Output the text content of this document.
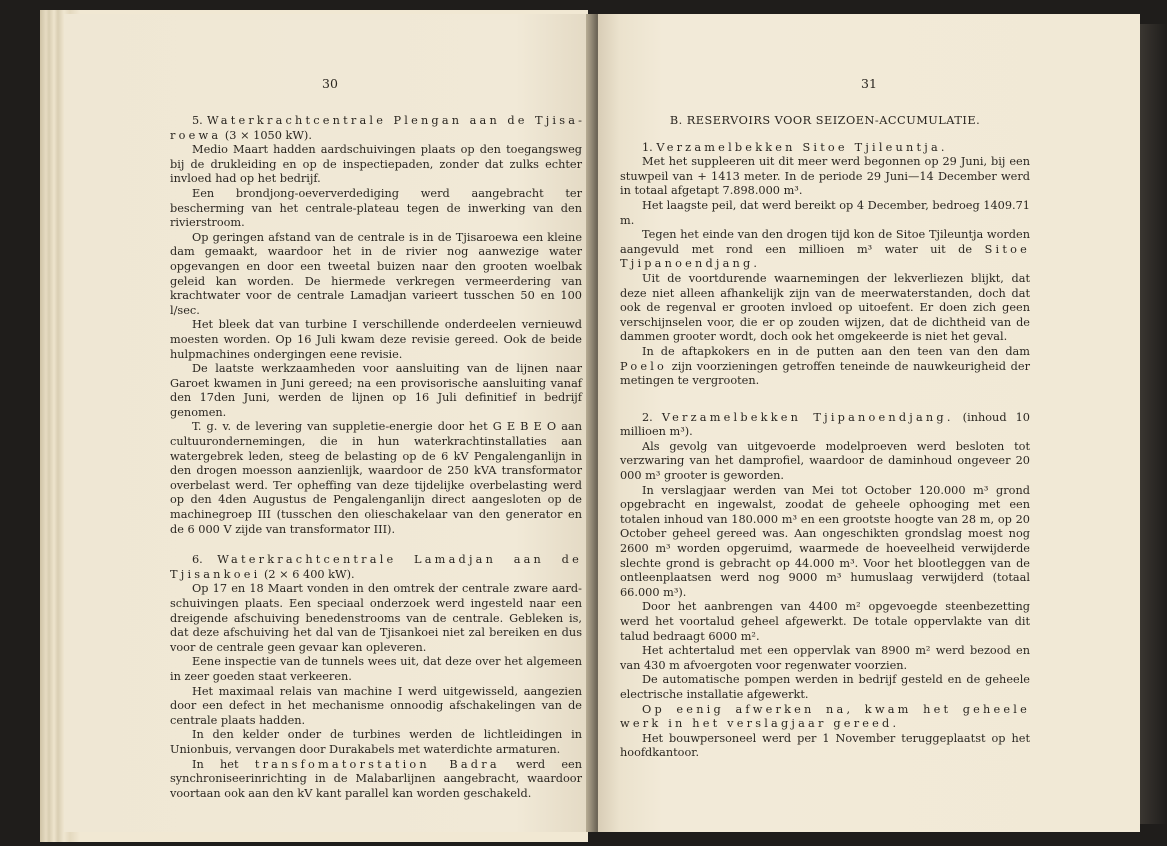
30

5. Waterkrachtcentrale Plengan aan de Tjisaroewa (3 × 1050 kW).

Medio Maart hadden aardschuivingen plaats op den toegangsweg bij de drukleiding en op de inspectiepaden, zonder dat zulks echter invloed had op het bedrijf.

Een brondjong-oeververdediging werd aangebracht ter bescherming van het centrale-plateau tegen de inwerking van den rivierstroom.

Op geringen afstand van de centrale is in de Tjisaroewa een kleine dam gemaakt, waardoor het in de rivier nog aanwezige water opgevangen en door een tweetal buizen naar den grooten woelbak geleid kan worden. De hiermede verkregen vermeerdering van krachtwater voor de centrale Lamadjan varieert tusschen 50 en 100 l/sec.

Het bleek dat van turbine I verschillende onderdeelen vernieuwd moesten worden. Op 16 Juli kwam deze revisie gereed. Ook de beide hulpmachines ondergingen eene revisie.

De laatste werkzaamheden voor aansluiting van de lijnen naar Garoet kwamen in Juni gereed; na een provisorische aansluiting vanaf den 17den Juni, werden de lijnen op 16 Juli definitief in bedrijf genomen.

T. g. v. de levering van suppletie-energie door het G E B E O aan cultuurondernemingen, die in hun waterkrachtinstallaties aan watergebrek leden, steeg de belasting op de 6 kV Pengalenganlijn in den drogen moesson aanzienlijk, waardoor de 250 kVA transformator overbelast werd. Ter opheffing van deze tijdelijke overbelasting werd op den 4den Augustus de Pengalenganlijn direct aangesloten op de machinegroep III (tusschen den olieschakelaar van den generator en de 6 000 V zijde van transformator III).

6. Waterkrachtcentrale Lamadjan aan de Tjisankoei (2 × 6 400 kW).

Op 17 en 18 Maart vonden in den omtrek der centrale zware aardschuivingen plaats. Een speciaal onderzoek werd ingesteld naar een dreigende afschuiving benedenstrooms van de centrale. Gebleken is, dat deze afschuiving het dal van de Tjisankoei niet zal bereiken en dus voor de centrale geen gevaar kan opleveren.

Eene inspectie van de tunnels wees uit, dat deze over het algemeen in zeer goeden staat verkeeren.

Het maximaal relais van machine I werd uitgewisseld, aangezien door een defect in het mechanisme onnoodig afschakelingen van de centrale plaats hadden.

In den kelder onder de turbines werden de lichtleidingen in Unionbuis, vervangen door Durakabels met waterdichte armaturen.

In het transfomatorstation Badra werd een synchroniseerinrichting in de Malabarlijnen aangebracht, waardoor voortaan ook aan den kV kant parallel kan worden geschakeld.

31

B. RESERVOIRS VOOR SEIZOEN-ACCUMULATIE.

1. Verzamelbekken Sitoe Tjileuntja.

Met het suppleeren uit dit meer werd begonnen op 29 Juni, bij een stuwpeil van + 1413 meter. In de periode 29 Juni—14 December werd in totaal afgetapt 7.898.000 m³.

Het laagste peil, dat werd bereikt op 4 December, bedroeg 1409.71 m.

Tegen het einde van den drogen tijd kon de Sitoe Tjileuntja worden aangevuld met rond een millioen m³ water uit de Sitoe Tjipanoendjang.

Uit de voortdurende waarnemingen der lekverliezen blijkt, dat deze niet alleen afhankelijk zijn van de meerwaterstanden, doch dat ook de regenval er grooten invloed op uitoefent. Er doen zich geen verschijnselen voor, die er op zouden wijzen, dat de dichtheid van de dammen grooter wordt, doch ook het omgekeerde is niet het geval.

In de aftapkokers en in de putten aan den teen van den dam Poelo zijn voorzieningen getroffen teneinde de nauwkeurigheid der metingen te vergrooten.

2. Verzamelbekken Tjipanoendjang. (inhoud 10 millioen m³).

Als gevolg van uitgevoerde modelproeven werd besloten tot verzwaring van het damprofiel, waardoor de daminhoud ongeveer 20 000 m³ grooter is geworden.

In verslagjaar werden van Mei tot October 120.000 m³ grond opgebracht en ingewalst, zoodat de geheele ophooging met een totalen inhoud van 180.000 m³ en een grootste hoogte van 28 m, op 20 October geheel gereed was. Aan ongeschikten grondslag moest nog 2600 m³ worden opgeruimd, waarmede de hoeveelheid verwijderde slechte grond is gebracht op 44.000 m³. Voor het blootleggen van de ontleenplaatsen werd nog 9000 m³ humuslaag verwijderd (totaal 66.000 m³).

Door het aanbrengen van 4400 m² opgevoegde steenbezetting werd het voortalud geheel afgewerkt. De totale oppervlakte van dit talud bedraagt 6000 m².

Het achtertalud met een oppervlak van 8900 m² werd bezood en van 430 m afvoergoten voor regenwater voorzien.

De automatische pompen werden in bedrijf gesteld en de geheele electrische installatie afgewerkt.

Op eenig afwerken na, kwam het geheele werk in het verslagjaar gereed.

Het bouwpersoneel werd per 1 November teruggeplaatst op het hoofdkantoor.
